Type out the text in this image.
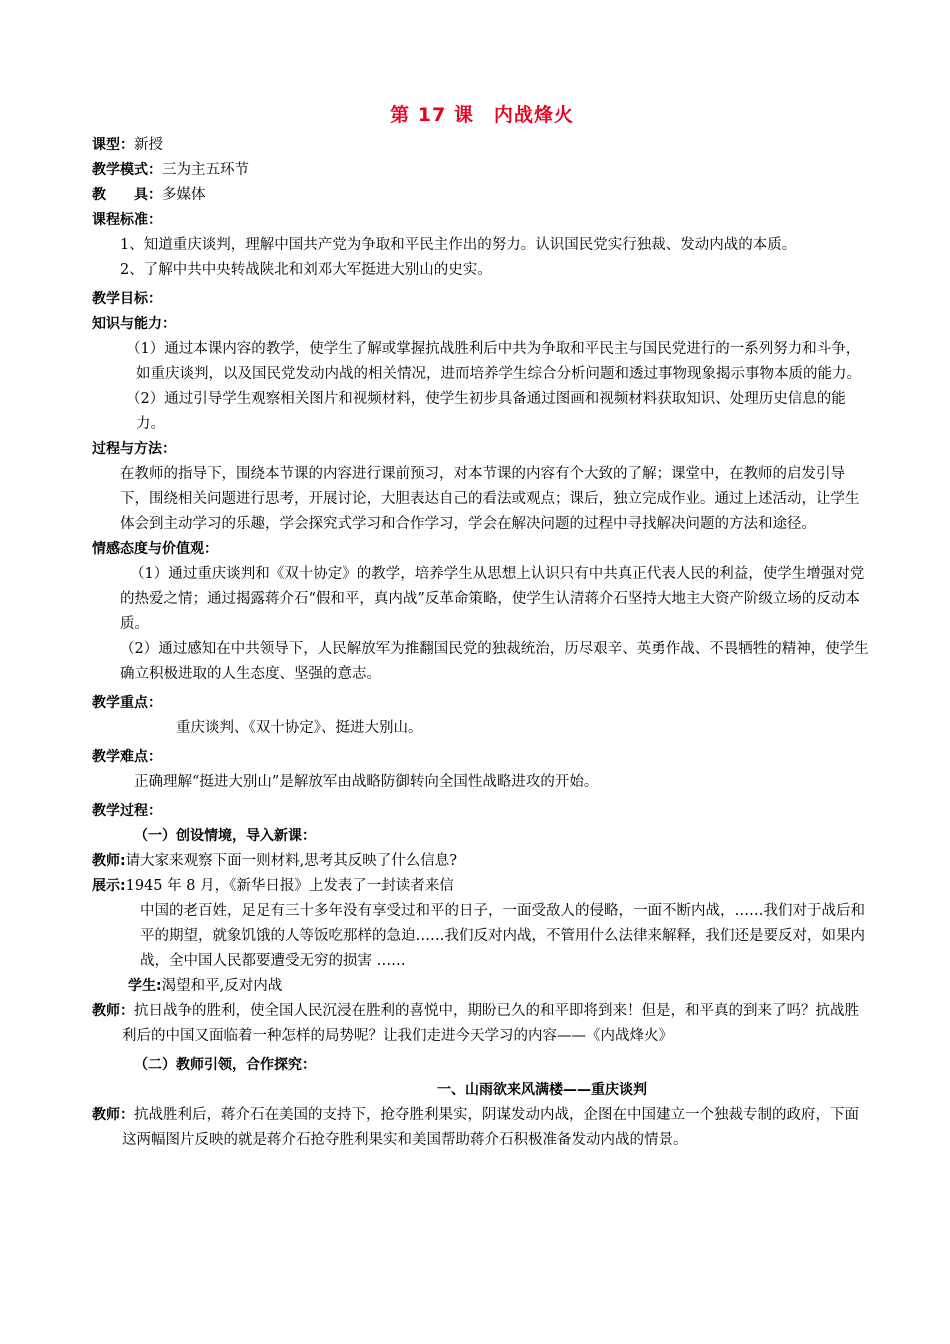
第 17 课　内战烽火
课型：新授
教学模式：三为主五环节
教　　具：多媒体
课程标准：
1、知道重庆谈判，理解中国共产党为争取和平民主作出的努力。认识国民党实行独裁、发动内战的本质。
2、了解中共中央转战陕北和刘邓大军挺进大别山的史实。
教学目标：
知识与能力：
（1）通过本课内容的教学，使学生了解或掌握抗战胜利后中共为争取和平民主与国民党进行的一系列努力和斗争，如重庆谈判，以及国民党发动内战的相关情况，进而培养学生综合分析问题和透过事物现象揭示事物本质的能力。
（2）通过引导学生观察相关图片和视频材料，使学生初步具备通过图画和视频材料获取知识、处理历史信息的能力。
过程与方法：
在教师的指导下，围绕本节课的内容进行课前预习，对本节课的内容有个大致的了解；课堂中，在教师的启发引导下，围绕相关问题进行思考，开展讨论，大胆表达自己的看法或观点；课后，独立完成作业。通过上述活动，让学生体会到主动学习的乐趣，学会探究式学习和合作学习，学会在解决问题的过程中寻找解决问题的方法和途径。
情感态度与价值观：
（1）通过重庆谈判和《双十协定》的教学，培养学生从思想上认识只有中共真正代表人民的利益，使学生增强对党的热爱之情；通过揭露蒋介石“假和平，真内战”反革命策略，使学生认清蒋介石坚持大地主大资产阶级立场的反动本质。
（2）通过感知在中共领导下，人民解放军为推翻国民党的独裁统治，历尽艰辛、英勇作战、不畏牺牲的精神，使学生确立积极进取的人生态度、坚强的意志。
教学重点：
重庆谈判、《双十协定》、挺进大别山。
教学难点：
正确理解“挺进大别山”是解放军由战略防御转向全国性战略进攻的开始。
教学过程：
（一）创设情境，导入新课：
教师:请大家来观察下面一则材料,思考其反映了什么信息?
展示:1945 年 8 月，《新华日报》上发表了一封读者来信
中国的老百姓，足足有三十多年没有享受过和平的日子，一面受敌人的侵略，一面不断内战，……我们对于战后和平的期望，就象饥饿的人等饭吃那样的急迫……我们反对内战，不管用什么法律来解释，我们还是要反对，如果内战，全中国人民都要遭受无穷的损害 ……
学生:渴望和平,反对内战
教师：抗日战争的胜利，使全国人民沉浸在胜利的喜悦中，期盼已久的和平即将到来！但是，和平真的到来了吗？抗战胜利后的中国又面临着一种怎样的局势呢？让我们走进今天学习的内容——《内战烽火》
（二）教师引领，合作探究：
一、山雨欲来风满楼——重庆谈判
教师：抗战胜利后，蒋介石在美国的支持下，抢夺胜利果实，阴谋发动内战，企图在中国建立一个独裁专制的政府，下面这两幅图片反映的就是蒋介石抢夺胜利果实和美国帮助蒋介石积极准备发动内战的情景。
